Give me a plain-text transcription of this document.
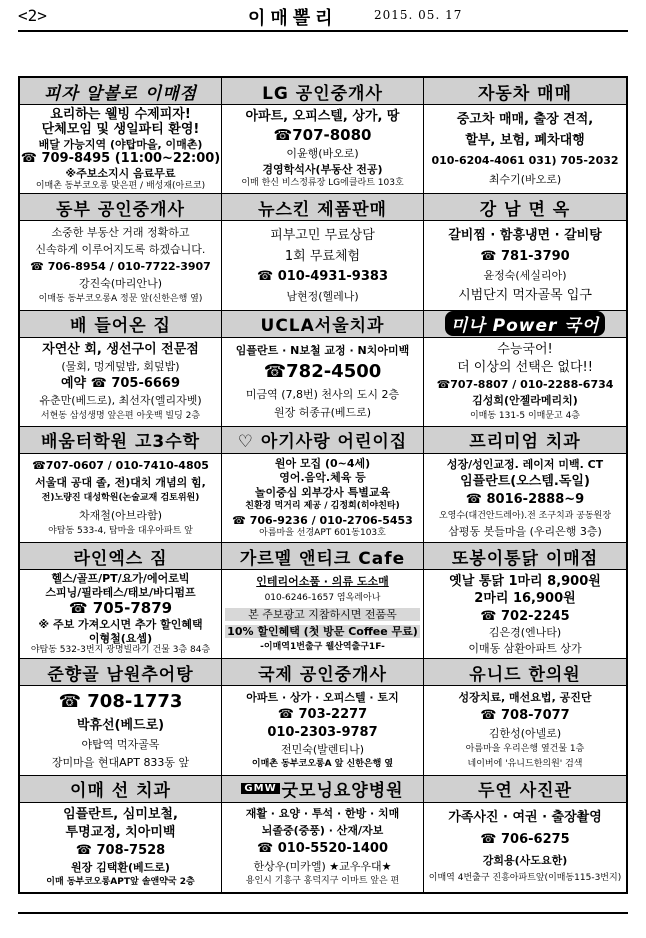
<2>	이매뽈리	2015. 05. 17
피자 알볼로 이매점
요리하는 웰빙 수제피자!
단체모임 및 생일파티 환영!
배달 가능지역 (야탑마을, 이매촌)
☎ 709-8495 (11:00~22:00)
※주보소지시 음료무료
이매촌 동부코오롱 맞은편 / 배성재(아르코)
LG 공인중개사
아파트, 오피스텔, 상가, 땅
☎707-8080
이윤행(바오로)
경영학석사(부동산 전공)
이매 한신 비스정류장 LG에클라트 103호
자동차 매매
중고차 매매, 출장 견적,
할부, 보험, 폐차대행
010-6204-4061 031) 705-2032
최수기(바오로)
동부 공인중개사
소중한 부동산 거래 정확하고
신속하게 이루어지도록 하겠습니다.
☎ 706-8954 / 010-7722-3907
강진숙(마리안나)
이매동 동부코오롱A 정문 앞(신한은행 옆)
뉴스킨 제품판매
피부고민 무료상담
1회 무료체험
☎ 010-4931-9383
남현정(헬레나)
강 남 면 옥
갈비찜 · 함흥냉면 · 갈비탕
☎ 781-3790
윤정숙(세실리아)
시범단지 먹자골목 입구
배 들어온 집
자연산 회, 생선구이 전문점
(물회, 멍게덮밥, 회덮밥)
예약 ☎ 705-6669
유춘만(베드로), 최선자(엘리자벳)
서현동 삼성생명 앞은편 아웃백 빌딩 2층
UCLA서울치과
임플란트 · N보철 교정 · N치아미백
☎782-4500
미금역 (7,8번) 천사의 도시 2층
원장 허종규(베드로)
미나 Power 국어
수능국어!
더 이상의 선택은 없다!!
☎707-8807 / 010-2288-6734
김성희(안젤라메리치)
이매동 131-5 이매문고 4층
배움터학원 고3수학
☎707-0607 / 010-7410-4805
서울대 공대 졸, 전)대치 개념의 힘,
전)노량진 대성학원(논술교재 검토위원)
차재철(아브라함)
야탑동 533-4, 탑마을 대우아파트 앞
♡ 아기사랑 어린이집
원아 모집 (0~4세)
영어.음악.체육 등
놀이중심 외부강사 특별교육
친환경 먹거리 제공 / 김정희(히야친타)
☎ 706-9236 / 010-2706-5453
아름마을 선경APT 601동103호
프리미엄 치과
성장/성인교정. 레이저 미백. CT
임플란트(오스템.독일)
☎ 8016-2888~9
오영수(대건안드레아).전 조구치과 공동원장
삼평동 봇들마을 (우리은행 3층)
라인엑스 짐
헬스/골프/PT/요가/에어로빅
스피닝/필라테스/태보/바디펌프
☎ 705-7879
※ 주보 가져오시면 추가 할인혜택
이형철(요셉)
야탑동 532-3번지 광명빌라기 건물 3층 84층
가르멜 앤티크 Cafe
인테리어소품 · 의류 도소매
010-6246-1657 염옥레아나
본 주보광고 지참하시면 전품목
10% 할인혜택 (첫 방문 Coffee 무료)
-이매역1번출구 웰산역출구1F-
또봉이통닭 이매점
옛날 통닭 1마리 8,900원
2마리 16,900원
☎ 702-2245
김은경(엔나타)
이매동 삼환아파트 상가
준향골 남원추어탕
☎ 708-1773
박휴선(베드로)
야탑역 먹자골목
장미마을 현대APT 833동 앞
국제 공인중개사
아파트 · 상가 · 오피스텔 · 토지
☎ 703-2277
010-2303-9787
전민숙(발렌티나)
이매촌 동부코오롱A 앞 신한은행 옆
유니드 한의원
성장치료, 매선요법, 공진단
☎ 708-7077
김한성(아넬로)
아름마을 우리은행 옆건물 1층
네이버에 '유니드한의원' 검색
이매 선 치과
임플란트, 심미보철,
투명교정, 치아미백
☎ 708-7528
원장 김택환(베드로)
이매 동부코오롱APT앞 솔앤약국 2층
GMW 굿모닝요양병원
재활 · 요양 · 투석 · 한방 · 치매
뇌졸중(중풍) · 산재/자보
☎ 010-5520-1400
한상우(미카엘) ★교우우대★
용인시 기흥구 홍덕지구 이마트 앞은 편
두연 사진관
가족사진 · 여권 · 출장촬영
☎ 706-6275
강희용(사도요한)
이매역 4번출구 진흥아파트앞(이매동115-3번지)
